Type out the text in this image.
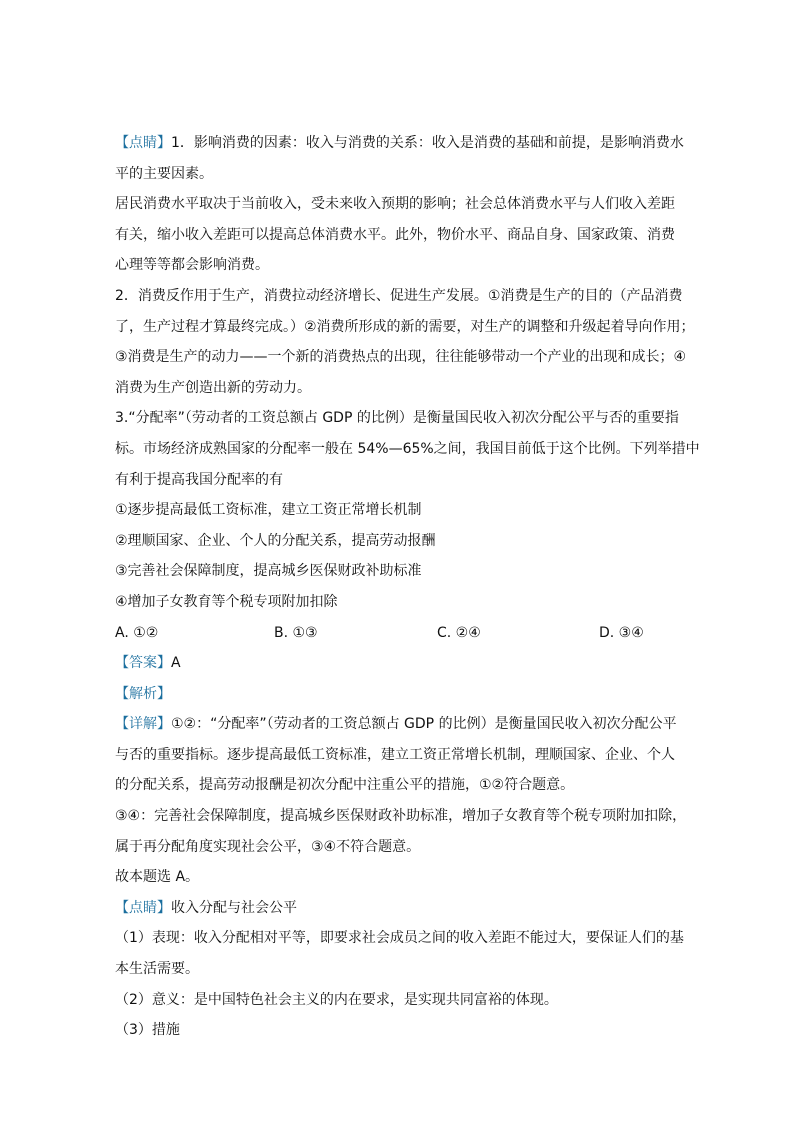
【点睛】1．影响消费的因素：收入与消费的关系：收入是消费的基础和前提，是影响消费水
平的主要因素。
居民消费水平取决于当前收入，受未来收入预期的影响；社会总体消费水平与人们收入差距
有关，缩小收入差距可以提高总体消费水平。此外，物价水平、商品自身、国家政策、消费
心理等等都会影响消费。
2．消费反作用于生产，消费拉动经济增长、促进生产发展。①消费是生产的目的（产品消费
了，生产过程才算最终完成。）②消费所形成的新的需要，对生产的调整和升级起着导向作用；
③消费是生产的动力——一个新的消费热点的出现，往往能够带动一个产业的出现和成长；④
消费为生产创造出新的劳动力。
3.“分配率”（劳动者的工资总额占 GDP 的比例）是衡量国民收入初次分配公平与否的重要指
标。市场经济成熟国家的分配率一般在 54%—65%之间，我国目前低于这个比例。下列举措中
有利于提高我国分配率的有
①逐步提高最低工资标准，建立工资正常增长机制
②理顺国家、企业、个人的分配关系，提高劳动报酬
③完善社会保障制度，提高城乡医保财政补助标准
④增加子女教育等个税专项附加扣除
A. ①②	B. ①③	C. ②④	D. ③④
【答案】A
【解析】
【详解】①②：“分配率”（劳动者的工资总额占 GDP 的比例）是衡量国民收入初次分配公平
与否的重要指标。逐步提高最低工资标准，建立工资正常增长机制，理顺国家、企业、个人
的分配关系，提高劳动报酬是初次分配中注重公平的措施，①②符合题意。
③④：完善社会保障制度，提高城乡医保财政补助标准，增加子女教育等个税专项附加扣除，
属于再分配角度实现社会公平，③④不符合题意。
故本题选 A。
【点睛】收入分配与社会公平
（1）表现：收入分配相对平等，即要求社会成员之间的收入差距不能过大，要保证人们的基
本生活需要。
（2）意义：是中国特色社会主义的内在要求，是实现共同富裕的体现。
（3）措施
